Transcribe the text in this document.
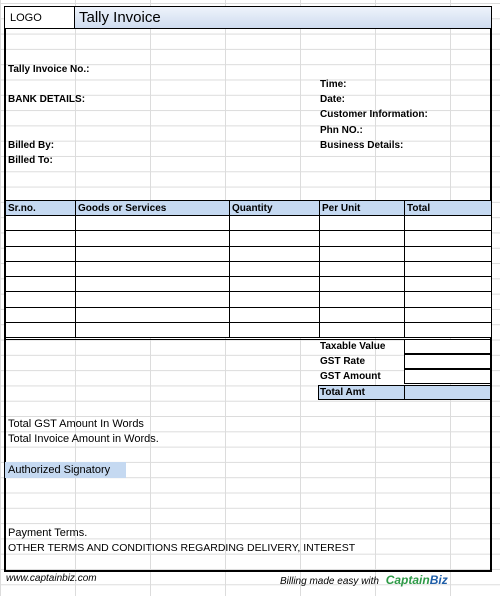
LOGO	Tally Invoice
Tally Invoice No.:
BANK DETAILS:
Billed By:
Billed To:
Time:
Date:
Customer Information:
Phn NO.:
Business Details:
Sr.no.	Goods or Services	Quantity	Per Unit	Total

Taxable Value
GST Rate
GST Amount
Total Amt
Total GST Amount In Words
Total Invoice Amount in Words.
Authorized Signatory
Payment Terms.
OTHER TERMS AND CONDITIONS REGARDING DELIVERY, INTEREST
www.captainbiz.com	Billing made easy with CaptainBiz
